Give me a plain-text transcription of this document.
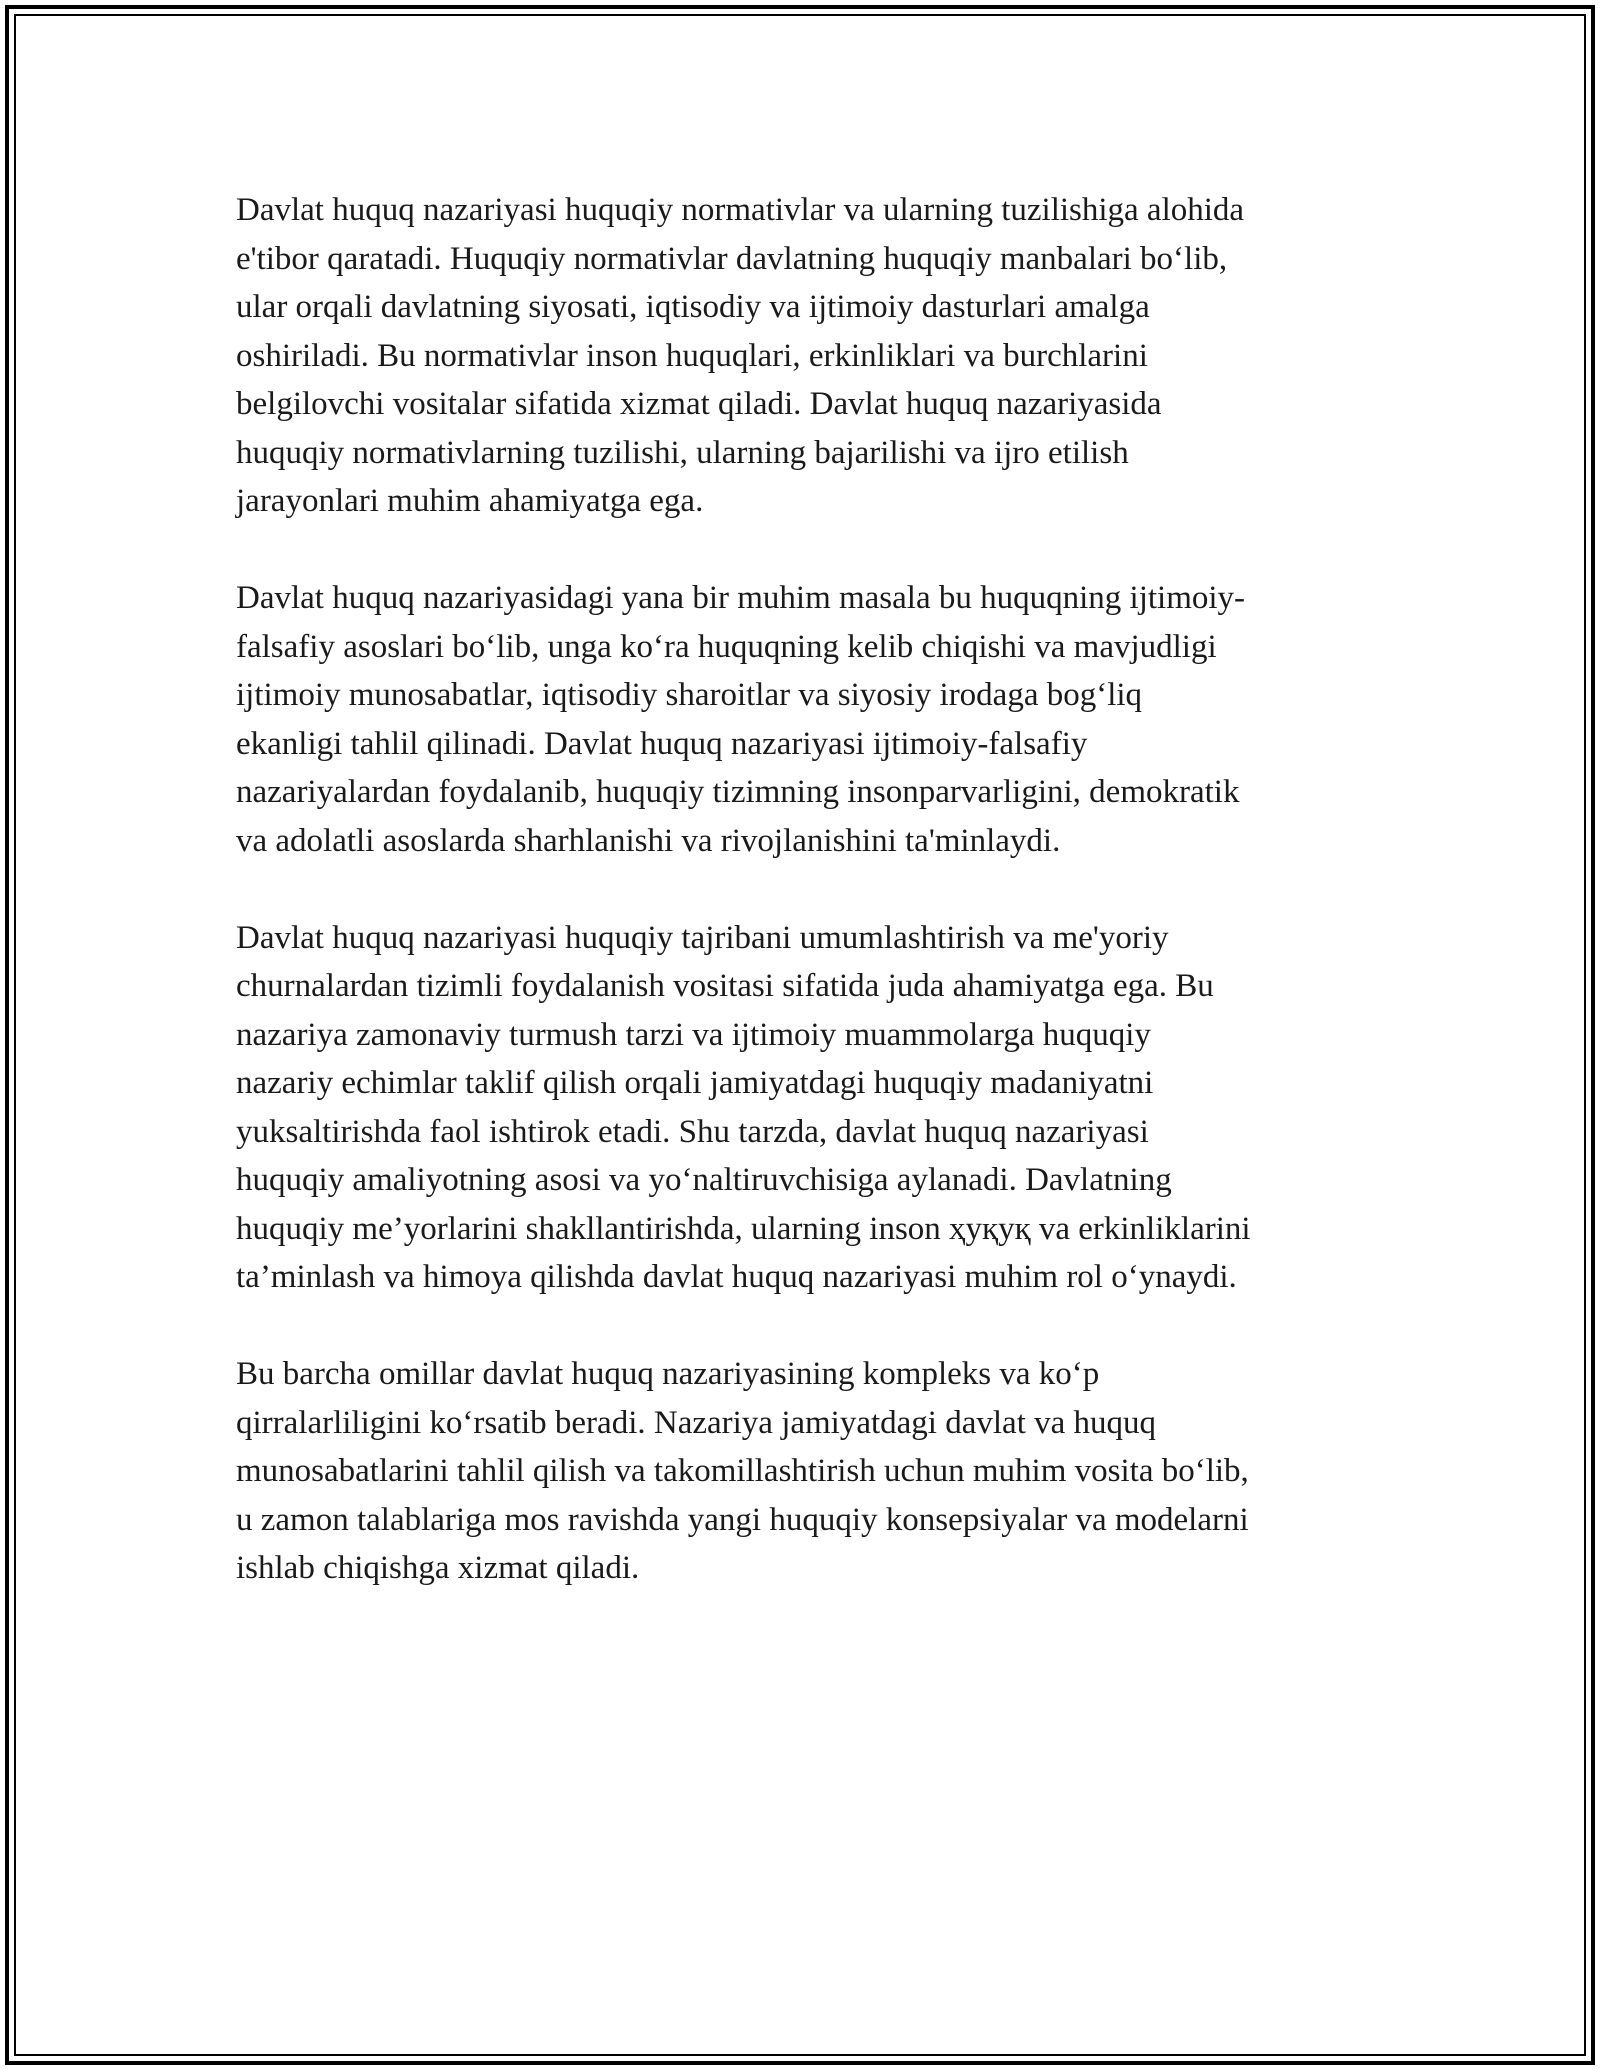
Davlat huquq nazariyasi huquqiy normativlar va ularning tuzilishiga alohida
e'tibor qaratadi. Huquqiy normativlar davlatning huquqiy manbalari bo‘lib,
ular orqali davlatning siyosati, iqtisodiy va ijtimoiy dasturlari amalga
oshiriladi. Bu normativlar inson huquqlari, erkinliklari va burchlarini
belgilovchi vositalar sifatida xizmat qiladi. Davlat huquq nazariyasida
huquqiy normativlarning tuzilishi, ularning bajarilishi va ijro etilish
jarayonlari muhim ahamiyatga ega.

Davlat huquq nazariyasidagi yana bir muhim masala bu huquqning ijtimoiy-
falsafiy asoslari bo‘lib, unga ko‘ra huquqning kelib chiqishi va mavjudligi
ijtimoiy munosabatlar, iqtisodiy sharoitlar va siyosiy irodaga bog‘liq
ekanligi tahlil qilinadi. Davlat huquq nazariyasi ijtimoiy-falsafiy
nazariyalardan foydalanib, huquqiy tizimning insonparvarligini, demokratik
va adolatli asoslarda sharhlanishi va rivojlanishini ta'minlaydi.

Davlat huquq nazariyasi huquqiy tajribani umumlashtirish va me'yoriy
churnalardan tizimli foydalanish vositasi sifatida juda ahamiyatga ega. Bu
nazariya zamonaviy turmush tarzi va ijtimoiy muammolarga huquqiy
nazariy echimlar taklif qilish orqali jamiyatdagi huquqiy madaniyatni
yuksaltirishda faol ishtirok etadi. Shu tarzda, davlat huquq nazariyasi
huquqiy amaliyotning asosi va yo‘naltiruvchisiga aylanadi. Davlatning
huquqiy me’yorlarini shakllantirishda, ularning inson ҳуқуқ va erkinliklarini
ta’minlash va himoya qilishda davlat huquq nazariyasi muhim rol o‘ynaydi.

Bu barcha omillar davlat huquq nazariyasining kompleks va ko‘p
qirralarliligini ko‘rsatib beradi. Nazariya jamiyatdagi davlat va huquq
munosabatlarini tahlil qilish va takomillashtirish uchun muhim vosita bo‘lib,
u zamon talablariga mos ravishda yangi huquqiy konsepsiyalar va modelarni
ishlab chiqishga xizmat qiladi.
